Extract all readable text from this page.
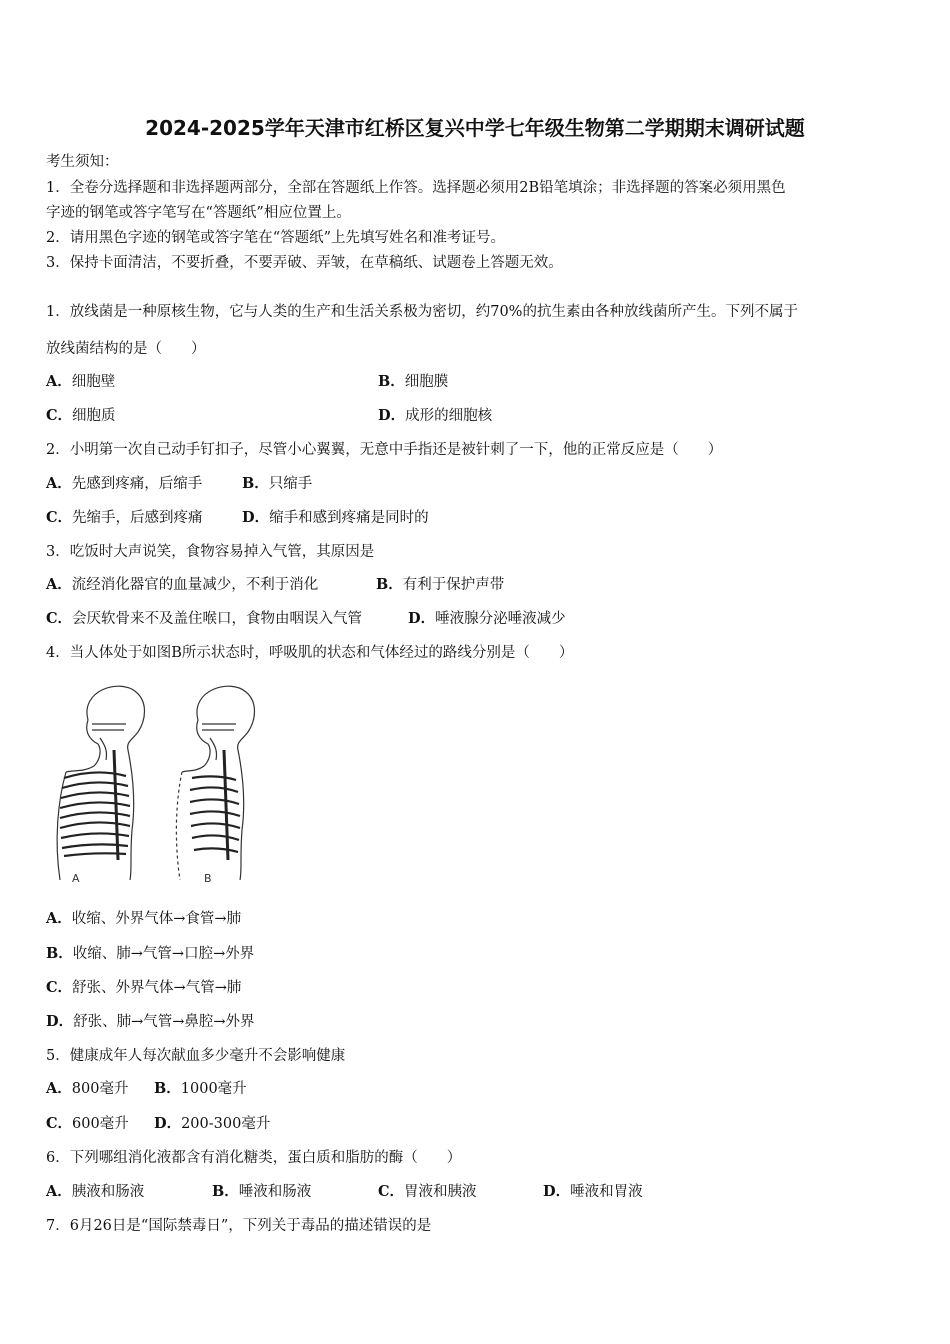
2024-2025学年天津市红桥区复兴中学七年级生物第二学期期末调研试题
考生须知：
1．全卷分选择题和非选择题两部分，全部在答题纸上作答。选择题必须用2B铅笔填涂；非选择题的答案必须用黑色
字迹的钢笔或答字笔写在“答题纸”相应位置上。
2．请用黑色字迹的钢笔或答字笔在“答题纸”上先填写姓名和准考证号。
3．保持卡面清洁，不要折叠，不要弄破、弄皱，在草稿纸、试题卷上答题无效。
1．放线菌是一种原核生物，它与人类的生产和生活关系极为密切，约70%的抗生素由各种放线菌所产生。下列不属于
放线菌结构的是（　　）
A．细胞壁	B．细胞膜
C．细胞质	D．成形的细胞核
2．小明第一次自己动手钉扣子，尽管小心翼翼，无意中手指还是被针刺了一下，他的正常反应是（　　）
A．先感到疼痛，后缩手	B．只缩手
C．先缩手，后感到疼痛	D．缩手和感到疼痛是同时的
3．吃饭时大声说笑，食物容易掉入气管，其原因是
A．流经消化器官的血量减少，不利于消化	B．有利于保护声带
C．会厌软骨来不及盖住喉口，食物由咽误入气管	D．唾液腺分泌唾液减少
4．当人体处于如图B所示状态时，呼吸肌的状态和气体经过的路线分别是（　　）
A	B
A．收缩、外界气体→食管→肺
B．收缩、肺→气管→口腔→外界
C．舒张、外界气体→气管→肺
D．舒张、肺→气管→鼻腔→外界
5．健康成年人每次献血多少毫升不会影响健康
A．800毫升 B．1000毫升
C．600毫升 D．200-300毫升
6．下列哪组消化液都含有消化糖类，蛋白质和脂肪的酶（　　）
A．胰液和肠液	B．唾液和肠液	C．胃液和胰液	D．唾液和胃液
7．6月26日是“国际禁毒日”，下列关于毒品的描述错误的是
